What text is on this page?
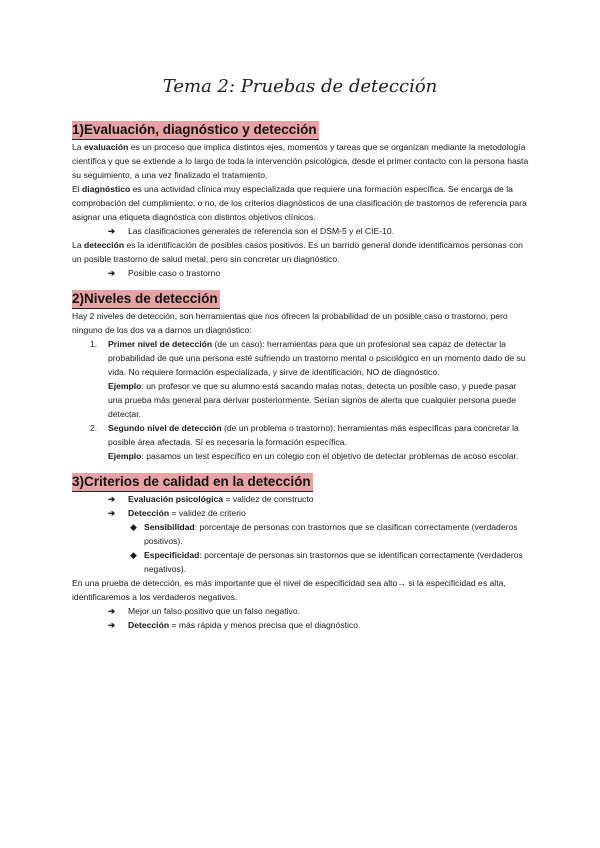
Tema 2: Pruebas de detección
1)Evaluación, diagnóstico y detección

La evaluación es un proceso que implica distintos ejes, momentos y tareas que se organizan mediante la metodología científica y que se extiende a lo largo de toda la intervención psicológica, desde el primer contacto con la persona hasta su seguimiento, a una vez finalizado el tratamiento.

El diagnóstico es una actividad clínica muy especializada que requiere una formación específica. Se encarga de la comprobación del cumplimiento, o no, de los criterios diagnósticos de una clasificación de trastornos de referencia para asignar una etiqueta diagnóstica con distintos objetivos clínicos.

➔ Las clasificaciones generales de referencia son el DSM-5 y el CIE-10.

La detección es la identificación de posibles casos positivos. Es un barrido general donde identificamos personas con un posible trastorno de salud metal, pero sin concretar un diagnóstico.

➔ Posible caso o trastorno
2)Niveles de detección

Hay 2 niveles de detección, son herramientas que nos ofrecen la probabilidad de un posible caso o trastorno, pero ninguno de los dos va a darnos un diagnóstico:

1. Primer nivel de detección (de un caso): herramientas para que un profesional sea capaz de detectar la probabilidad de que una persona esté sufriendo un trastorno mental o psicológico en un momento dado de su vida. No requiere formación especializada, y sirve de identificación, NO de diagnóstico.
Ejemplo: un profesor ve que su alumno está sacando malas notas, detecta un posible caso, y puede pasar una prueba más general para derivar posteriormente. Serían signos de alerta que cualquier persona puede detectar.
2. Segundo nivel de detección (de un problema o trastorno): herramientas más específicas para concretar la posible área afectada. Sí es necesaria la formación específica.
Ejemplo: pasamos un test específico en un colegio con el objetivo de detectar problemas de acoso escolar.
3)Criterios de calidad en la detección
➔ Evaluación psicológica = validez de constructo
➔ Detección = validez de criterio
◆ Sensibilidad: porcentaje de personas con trastornos que se clasifican correctamente (verdaderos positivos).
◆ Especificidad: porcentaje de personas sin trastornos que se identifican correctamente (verdaderos negativos).

En una prueba de detección, es más importante que el nivel de especificidad sea alto→ si la especificidad es alta, identificaremos a los verdaderos negativos.

➔ Mejor un falso positivo que un falso negativo.
➔ Detección = más rápida y menos precisa que el diagnóstico.
